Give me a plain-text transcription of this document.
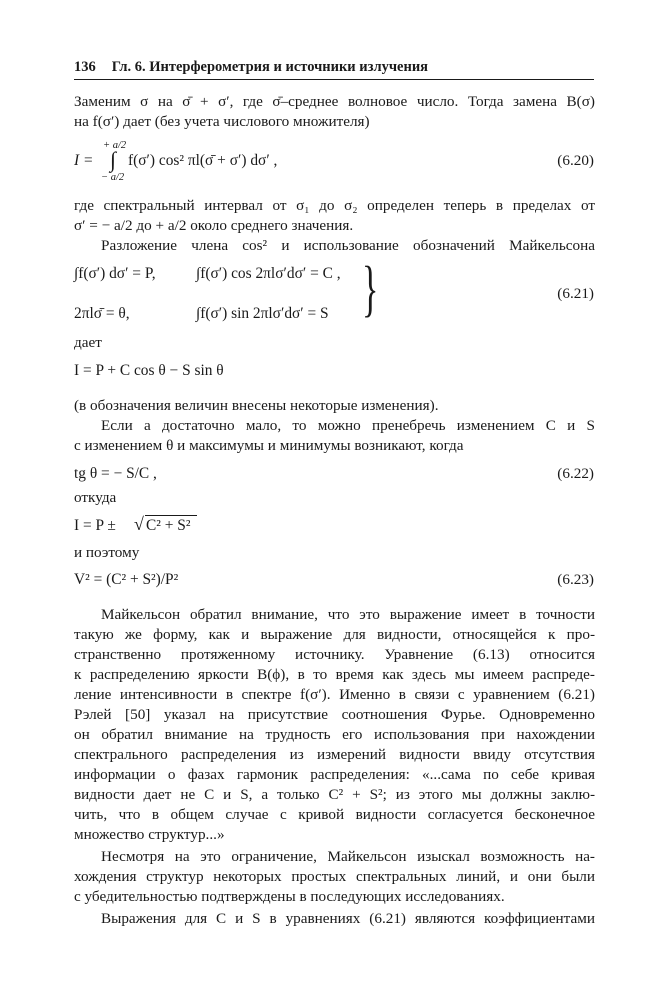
136 Гл. 6. Интерферометрия и источники излучения
Заменим σ на σ̄ + σ′, где σ̄–среднее волновое число. Тогда замена B(σ)
на f(σ′) дает (без учета числового множителя)
+ a/2
I = ∫ f(σ′) cos² πl(σ̄ + σ′) dσ′ ,
− a/2
(6.20)
где спектральный интервал от σ₁ до σ₂ определен теперь в пределах от
σ′ = − a/2 до + a/2 около среднего значения.
Разложение члена cos² и использование обозначений Майкельсона
∫f(σ′) dσ′ = P,	∫f(σ′) cos 2πlσ′dσ′ = C ,
2πlσ̄ = θ,	∫f(σ′) sin 2πlσ′dσ′ = S }	(6.21)
дает
I = P + C cos θ − S sin θ
(в обозначения величин внесены некоторые изменения).
Если a достаточно мало, то можно пренебречь изменением C и S
с изменением θ и максимумы и минимумы возникают, когда
tg θ = − S/C ,	(6.22)
откуда
I = P ± √ C² + S²
и поэтому
V² = (C² + S²)/P²	(6.23)
Майкельсон обратил внимание, что это выражение имеет в точности
такую же форму, как и выражение для видности, относящейся к про-
странственно протяженному источнику. Уравнение (6.13) относится
к распределению яркости B(ϕ), в то время как здесь мы имеем распреде-
ление интенсивности в спектре f(σ′). Именно в связи с уравнением (6.21)
Рэлей [50] указал на присутствие соотношения Фурье. Одновременно
он обратил внимание на трудность его использования при нахождении
спектрального распределения из измерений видности ввиду отсутствия
информации о фазах гармоник распределения: «...сама по себе кривая
видности дает не C и S, а только C² + S²; из этого мы должны заклю-
чить, что в общем случае с кривой видности согласуется бесконечное
множество структур...»
Несмотря на это ограничение, Майкельсон изыскал возможность на-
хождения структур некоторых простых спектральных линий, и они были
с убедительностью подтверждены в последующих исследованиях.
Выражения для C и S в уравнениях (6.21) являются коэффициентами
